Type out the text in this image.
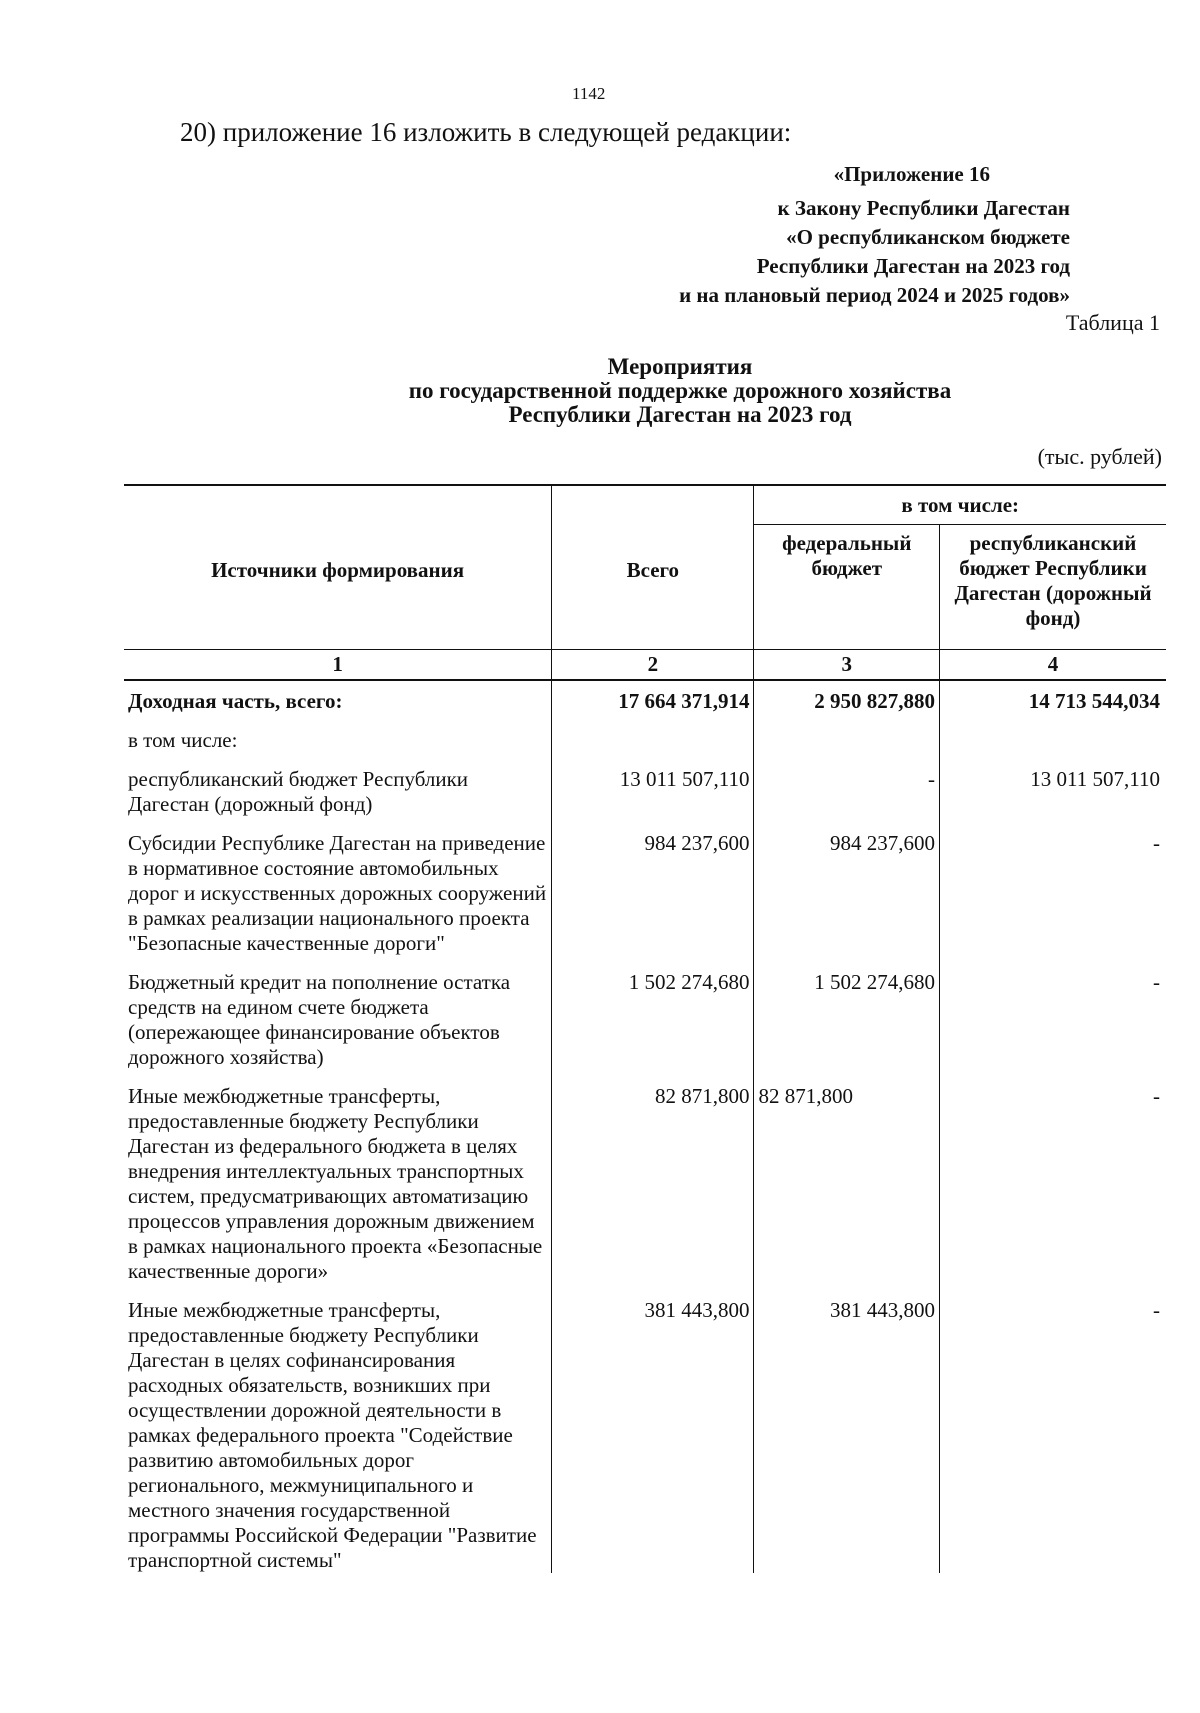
1142
20) приложение 16 изложить в следующей редакции:
«Приложение 16
к Закону Республики Дагестан
«О республиканском бюджете
Республики Дагестан на 2023 год
и на плановый период 2024 и 2025 годов»
Таблица 1
Мероприятия
по государственной поддержке дорожного хозяйства
Республики Дагестан на 2023 год
(тыс. рублей)
Источники формирования	Всего	в том числе:	
		федеральный бюджет	республиканский бюджет Республики Дагестан (дорожный фонд)
1	2	3	4
Доходная часть, всего:	17 664 371,914	2 950 827,880	14 713 544,034
в том числе:			
республиканский бюджет Республики Дагестан (дорожный фонд)	13 011 507,110	-	13 011 507,110
Субсидии Республике Дагестан на приведение в нормативное состояние автомобильных дорог и искусственных дорожных сооружений в рамках реализации национального проекта "Безопасные качественные дороги"	984 237,600	984 237,600	-
Бюджетный кредит на пополнение остатка средств на едином счете бюджета (опережающее финансирование объектов дорожного хозяйства)	1 502 274,680	1 502 274,680	-
Иные межбюджетные трансферты, предоставленные бюджету Республики Дагестан из федерального бюджета в целях внедрения интеллектуальных транспортных систем, предусматривающих автоматизацию процессов управления дорожным движением в рамках национального проекта «Безопасные качественные дороги»	82 871,800	82 871,800	-
Иные межбюджетные трансферты, предоставленные бюджету Республики Дагестан в целях софинансирования расходных обязательств, возникших при осуществлении дорожной деятельности в рамках федерального проекта "Содействие развитию автомобильных дорог регионального, межмуниципального и местного значения государственной программы Российской Федерации "Развитие транспортной системы"	381 443,800	381 443,800	-
